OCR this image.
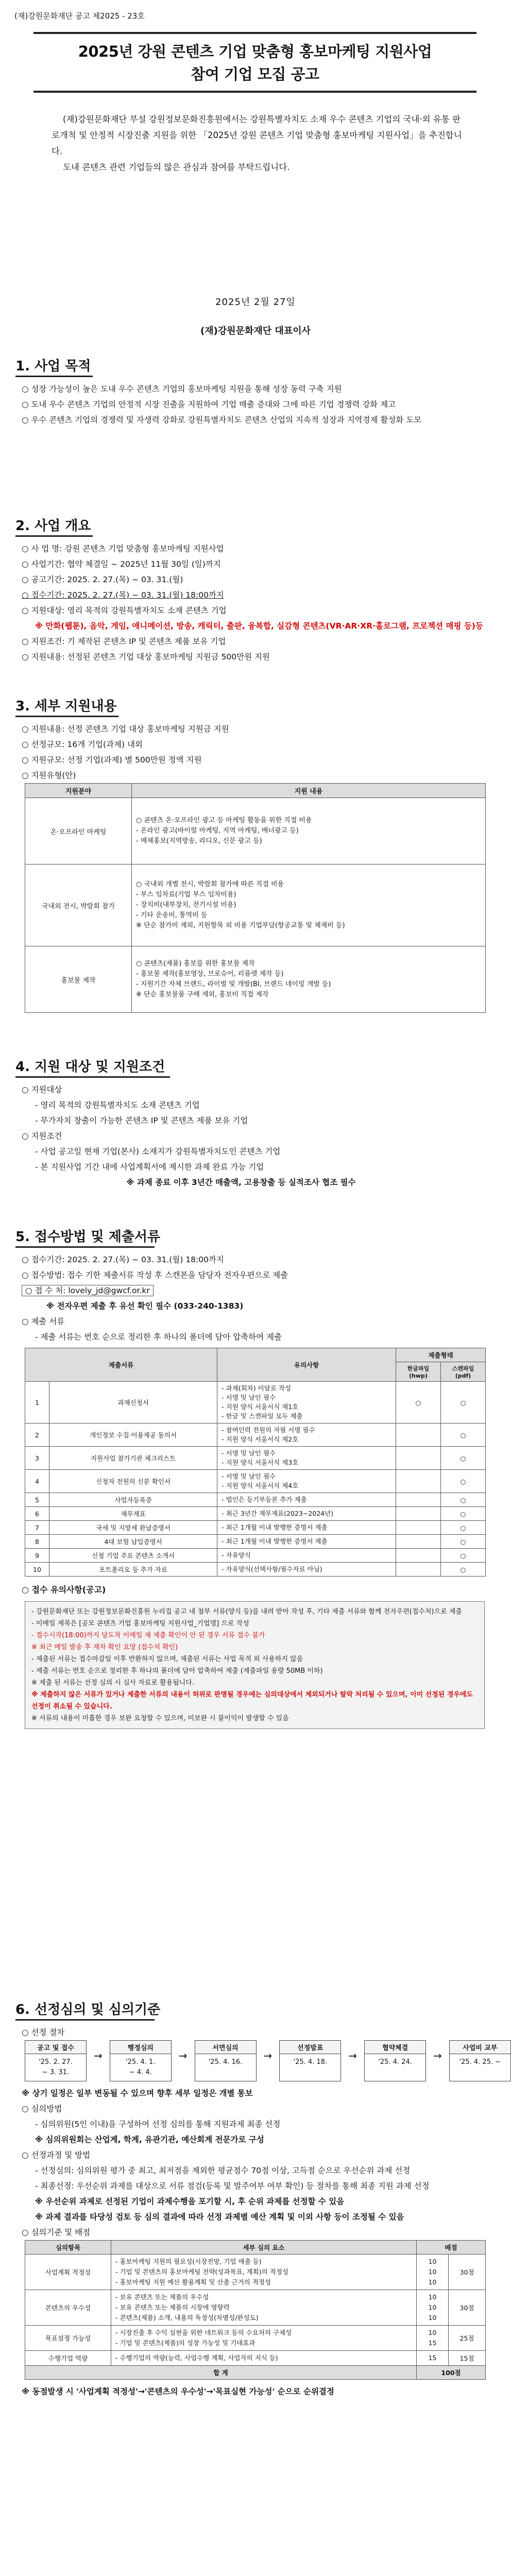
(재)강원문화재단 공고 제2025 - 23호
2025년 강원 콘텐츠 기업 맞춤형 홍보마케팅 지원사업
참여 기업 모집 공고

(재)강원문화재단 부설 강원정보문화진흥원에서는 강원특별자치도 소재 우수 콘텐츠 기업의 국내·외 유통 판로개척 및 안정적 시장진출 지원을 위한 「2025년 강원 콘텐츠 기업 맞춤형 홍보마케팅 지원사업」을 추진합니다.

도내 콘텐츠 관련 기업들의 많은 관심과 참여를 부탁드립니다.

2025년 2월 27일
(재)강원문화재단 대표이사
1. 사업 목적
○ 성장 가능성이 높은 도내 우수 콘텐츠 기업의 홍보마케팅 지원을 통해 성장 동력 구축 지원
○ 도내 우수 콘텐츠 기업의 안정적 시장 진출을 지원하여 기업 매출 증대와 그에 따른 기업 경쟁력 강화 제고
○ 우수 콘텐츠 기업의 경쟁력 및 자생력 강화로 강원특별자치도 콘텐츠 산업의 지속적 성장과 지역경제 활성화 도모
2. 사업 개요
○ 사 업 명: 강원 콘텐츠 기업 맞춤형 홍보마케팅 지원사업
○ 사업기간: 협약 체결일 ~ 2025년 11월 30일 (일)까지
○ 공고기간: 2025. 2. 27.(목) ~ 03. 31.(월)
○ 접수기간: 2025. 2. 27.(목) ~ 03. 31.(월) 18:00까지
○ 지원대상: 영리 목적의 강원특별자치도 소재 콘텐츠 기업
※ 만화(웹툰), 음악, 게임, 애니메이션, 방송, 캐릭터, 출판, 융복합, 실감형 콘텐츠(VR·AR·XR·홀로그램, 프로젝션 매핑 등)등
○ 지원조건: 기 제작된 콘텐츠 IP 및 콘텐츠 제품 보유 기업
○ 지원내용: 선정된 콘텐츠 기업 대상 홍보마케팅 지원금 500만원 지원
3. 세부 지원내용
○ 지원내용: 선정 콘텐츠 기업 대상 홍보마케팅 지원금 지원
○ 선정규모: 16개 기업(과제) 내외
○ 지원규모: 선정 기업(과제) 별 500만원 정액 지원
○ 지원유형(안)
지원분야	지원 내용
온·오프라인 마케팅	○ 콘텐츠 온·오프라인 광고 등 마케팅 활동을 위한 직접 비용
- 온라인 광고(바이럴 마케팅, 지역 마케팅, 배너광고 등)
- 매체홍보(지역방송, 라디오, 신문 광고 등)

국내외 전시, 박람회 참가	○ 국내외 개별 전시, 박람회 참가에 따른 직접 비용
- 부스 임차료(기업 부스 임차비용)
- 장치비(내부장치, 전기시설 비용)
- 기타 운송비, 통역비 등
※ 단순 참가비 제외, 지원항목 외 비용 기업부담(항공교통 및 체재비 등)

홍보물 제작	○ 콘텐츠(제품) 홍보를 위한 홍보물 제작
- 홍보물 제작(홍보영상, 브로슈어, 리플렛 제작 등)
- 지원기간 자체 브랜드, 라이벌 및 개발(BI, 브랜드 네이밍 개발 등)
※ 단순 홍보물품 구매 제외, 홍보비 직접 제작
4. 지원 대상 및 지원조건
○ 지원대상
- 영리 목적의 강원특별자치도 소재 콘텐츠 기업
- 무가자치 창출이 가능한 콘텐츠 IP 및 콘텐츠 제품 보유 기업
○ 지원조건
- 사업 공고일 현재 기업(본사) 소재지가 강원특별자치도인 콘텐츠 기업
- 본 지원사업 기간 내에 사업계획서에 제시한 과제 완료 가능 기업
※ 과제 종료 이후 3년간 매출액, 고용창출 등 실적조사 협조 필수
5. 접수방법 및 제출서류
○ 접수기간: 2025. 2. 27.(목) ~ 03. 31.(월) 18:00까지
○ 접수방법: 접수 기한 제출서류 작성 후 스캔본을 담당자 전자우편으로 제출
○ 접 수 처: lovely_jd@gwcf.or.kr
※ 전자우편 제출 후 유선 확인 필수 (033-240-1383)
○ 제출 서류
- 제출 서류는 번호 순으로 정리한 후 하나의 폴더에 담아 압축하여 제출
제출서류		유의사항	제출형태	
			한글파일 (hwp)	스캔파일 (pdf)
1	과제신청서	- 과제(회차) 미달로 작성
- 서명 및 날인 필수
- 지원 양식 서울서식 제1호
- 한글 및 스캔파일 모두 제출	○	○
2	개인정보 수집·이용제공 동의서	- 참여인력 전원의 자필 서명 필수
- 지원 양식 서울서식 제2호		○
3	지원사업 참가기관 체크리스트	- 서명 및 날인 필수
- 지원 양식 서울서식 제3호		○
4	신청자 전원의 신분 확인서	- 서명 및 날인 필수
- 지원 양식 서울서식 제4호		○
5	사업자등록증	- 법인은 등기부등본 추가 제출		○
6	재무제표	- 최근 3년간 재무제표(2023~2024년)		○
7	국세 및 지방세 완납증명서	- 최근 1개월 이내 발행한 증명서 제출		○
8	4대 보험 납입증명서	- 최근 1개월 이내 발행한 증명서 제출		○
9	신청 기업 주요 콘텐츠 소개서	- 자유양식		○
10	포트폴리오 등 추가 자료	- 자유양식(선택사항/필수자료 아님)		○
○ 접수 유의사항(공고)
- 강원문화재단 또는 강원정보문화진흥원 누리집 공고 내 첨부 서류(양식 등)를 내려 받아 작성 후, 기타 제출 서류와 함께 전자우편(접수처)으로 제출
- 이메일 제목은 [공모 콘텐츠 기업 홍보마케팅 지원사업_기업명] 으로 작성
- 접수시작(18:00)까지 당도착 이메일 재 제출 확인이 안 된 경우 서류 접수 불가
※ 최근 메일 발송 후 재차 확인 요망 (접수처 확인)
- 제출된 서류는 접수마감일 이후 반환하지 않으며, 제출된 서류는 사업 목적 외 사용하지 않음
- 제출 서류는 번호 순으로 정리한 후 하나의 폴더에 담아 압축하여 제출 (제출파일 용량 50MB 이하)
※ 제출 된 서류는 선정 심의 시 심사 자료로 활용됩니다.
※ 제출하지 않은 서류가 있거나 제출한 서류의 내용이 허위로 판명될 경우에는 심의대상에서 제외되거나 탈락 처리될 수 있으며, 이미 선정된 경우에도 선정이 취소될 수 있습니다.
※ 서류의 내용이 미흡한 경우 보완 요청할 수 있으며, 미보완 시 불이익이 발생할 수 있음
6. 선정심의 및 심의기준
○ 선정 절차
공고 및 접수
'25. 2. 27.
~ 3. 31.
→
행정심의
'25. 4. 1.
~ 4. 4.
→
서면심의
'25. 4. 16.
→
선정발표
'25. 4. 18.
→
협약체결
'25. 4. 24.
→
사업비 교부
'25. 4. 25. ~
※ 상기 일정은 일부 변동될 수 있으며 향후 세부 일정은 개별 통보
○ 심의방법
- 심의위원(5인 이내)을 구성하여 선정 심의를 통해 지원과제 최종 선정
※ 심의위원회는 산업계, 학계, 유관기관, 예산회계 전문가로 구성
○ 선정과정 및 방법
- 선정심의: 심의위원 평가 중 최고, 최저점을 제외한 평균점수 70점 이상, 고득점 순으로 우선순위 과제 선정
- 최종선정: 우선순위 과제를 대상으로 서류 점검(등록 및 발주여부 여부 확인) 등 절차를 통해 최종 지원 과제 선정
※ 우선순위 과제로 선정된 기업이 과제수행을 포기할 시, 후 순위 과제를 선정할 수 있음
※ 과제 결과를 타당성 검토 등 심의 결과에 따라 선정 과제별 예산 계획 및 이외 사항 등이 조정될 수 있음
○ 심의기준 및 배점
심의항목	세부 심의 요소	배점	
사업계획 적정성	- 홍보마케팅 지원의 필요성(시장전망, 기업 매출 등)
- 기업 및 콘텐츠의 홍보마케팅 전략(성과목표, 계획)의 적정성
- 홍보마케팅 지원 예산 활용계획 및 산출 근거의 적정성	10
10
10	30점
콘텐츠의 우수성	- 보유 콘텐츠 또는 제품의 우수성
- 보유 콘텐츠 또는 제품의 시장에 영향력
- 콘텐츠(제품) 소개, 내용의 독창성(차별성/완성도)	10
10
10	30점
목표설정 가능성	- 시장진출 후 수익 실현을 위한 네트워크 등의 수요처의 구체성
- 기업 및 콘텐츠(제품)의 성장 가능성 및 기대효과	10
15	25점
수행기업 역량	- 수행기업의 역량(능력, 사업수행 계획, 사업자의 지식 등)	15	15점
합 계		100점	
※ 동점발생 시 '사업계획 적정성'→'콘텐츠의 우수성'→'목표실현 가능성' 순으로 순위결정
